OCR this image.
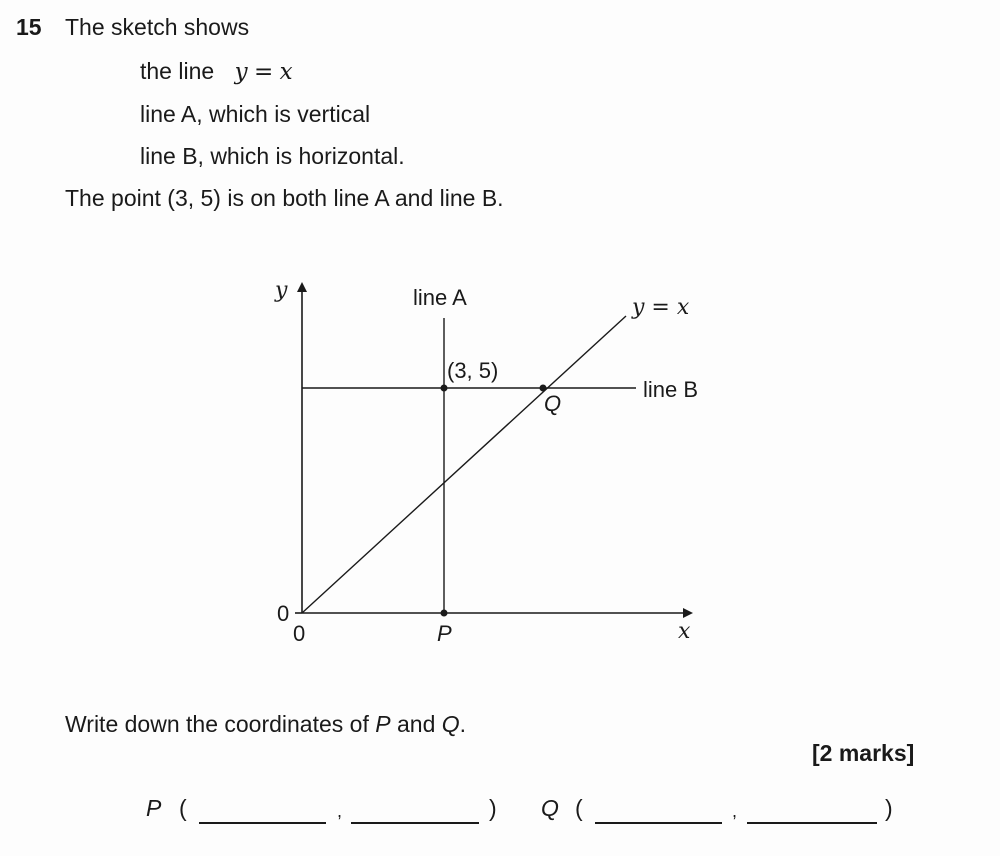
15 The sketch shows
the line y = x
line A, which is vertical
line B, which is horizontal.
The point (3, 5) is on both line A and line B.
y
x
0
0
line A
line B
y = x
(3, 5)
Q
P
Write down the coordinates of P and Q.
[2 marks]
P (	,	) Q (	,	)
